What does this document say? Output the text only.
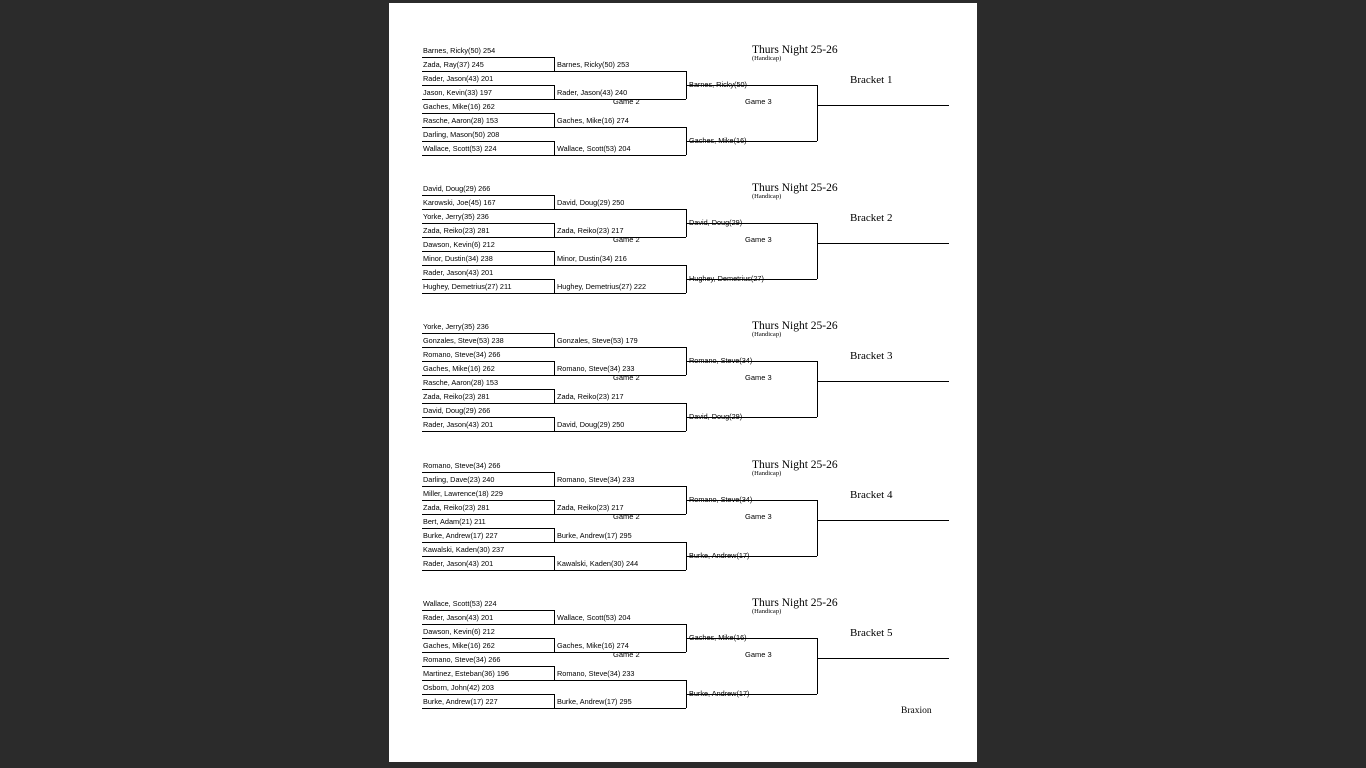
Barnes, Ricky(50) 254
Zada, Ray(37) 245
Rader, Jason(43) 201
Jason, Kevin(33) 197
Gaches, Mike(16) 262
Rasche, Aaron(28) 153
Darling, Mason(50) 208
Wallace, Scott(53) 224
Barnes, Ricky(50) 253
Rader, Jason(43) 240
Gaches, Mike(16) 274
Wallace, Scott(53) 204
Game 2	Game 3
Thurs Night 25-26
(Handicap)
Bracket 1
David, Doug(29) 266
Karowski, Joe(45) 167
Yorke, Jerry(35) 236
Zada, Reiko(23) 281
Dawson, Kevin(6) 212
Minor, Dustin(34) 238
Rader, Jason(43) 201
Hughey, Demetrius(27) 211
David, Doug(29) 250
Zada, Reiko(23) 217
Minor, Dustin(34) 216
Hughey, Demetrius(27) 222
Game 2	Game 3
Thurs Night 25-26
(Handicap)
Bracket 2
Yorke, Jerry(35) 236
Gonzales, Steve(53) 238
Romano, Steve(34) 266
Gaches, Mike(16) 262
Rasche, Aaron(28) 153
Zada, Reiko(23) 281
David, Doug(29) 266
Rader, Jason(43) 201
Gonzales, Steve(53) 179
Romano, Steve(34) 233
Zada, Reiko(23) 217
David, Doug(29) 250
Game 2	Game 3
Thurs Night 25-26
(Handicap)
Bracket 3
Romano, Steve(34) 266
Darling, Dave(23) 240
Miller, Lawrence(18) 229
Zada, Reiko(23) 281
Bert, Adam(21) 211
Burke, Andrew(17) 227
Kawalski, Kaden(30) 237
Rader, Jason(43) 201
Romano, Steve(34) 233
Zada, Reiko(23) 217
Burke, Andrew(17) 295
Kawalski, Kaden(30) 244
Game 2	Game 3
Thurs Night 25-26
(Handicap)
Bracket 4
Wallace, Scott(53) 224
Rader, Jason(43) 201
Dawson, Kevin(6) 212
Gaches, Mike(16) 262
Romano, Steve(34) 266
Martinez, Esteban(36) 196
Osborn, John(42) 203
Burke, Andrew(17) 227
Wallace, Scott(53) 204
Gaches, Mike(16) 274
Romano, Steve(34) 233
Burke, Andrew(17) 295
Game 2	Game 3
Thurs Night 25-26
(Handicap)
Bracket 5
Braxion
